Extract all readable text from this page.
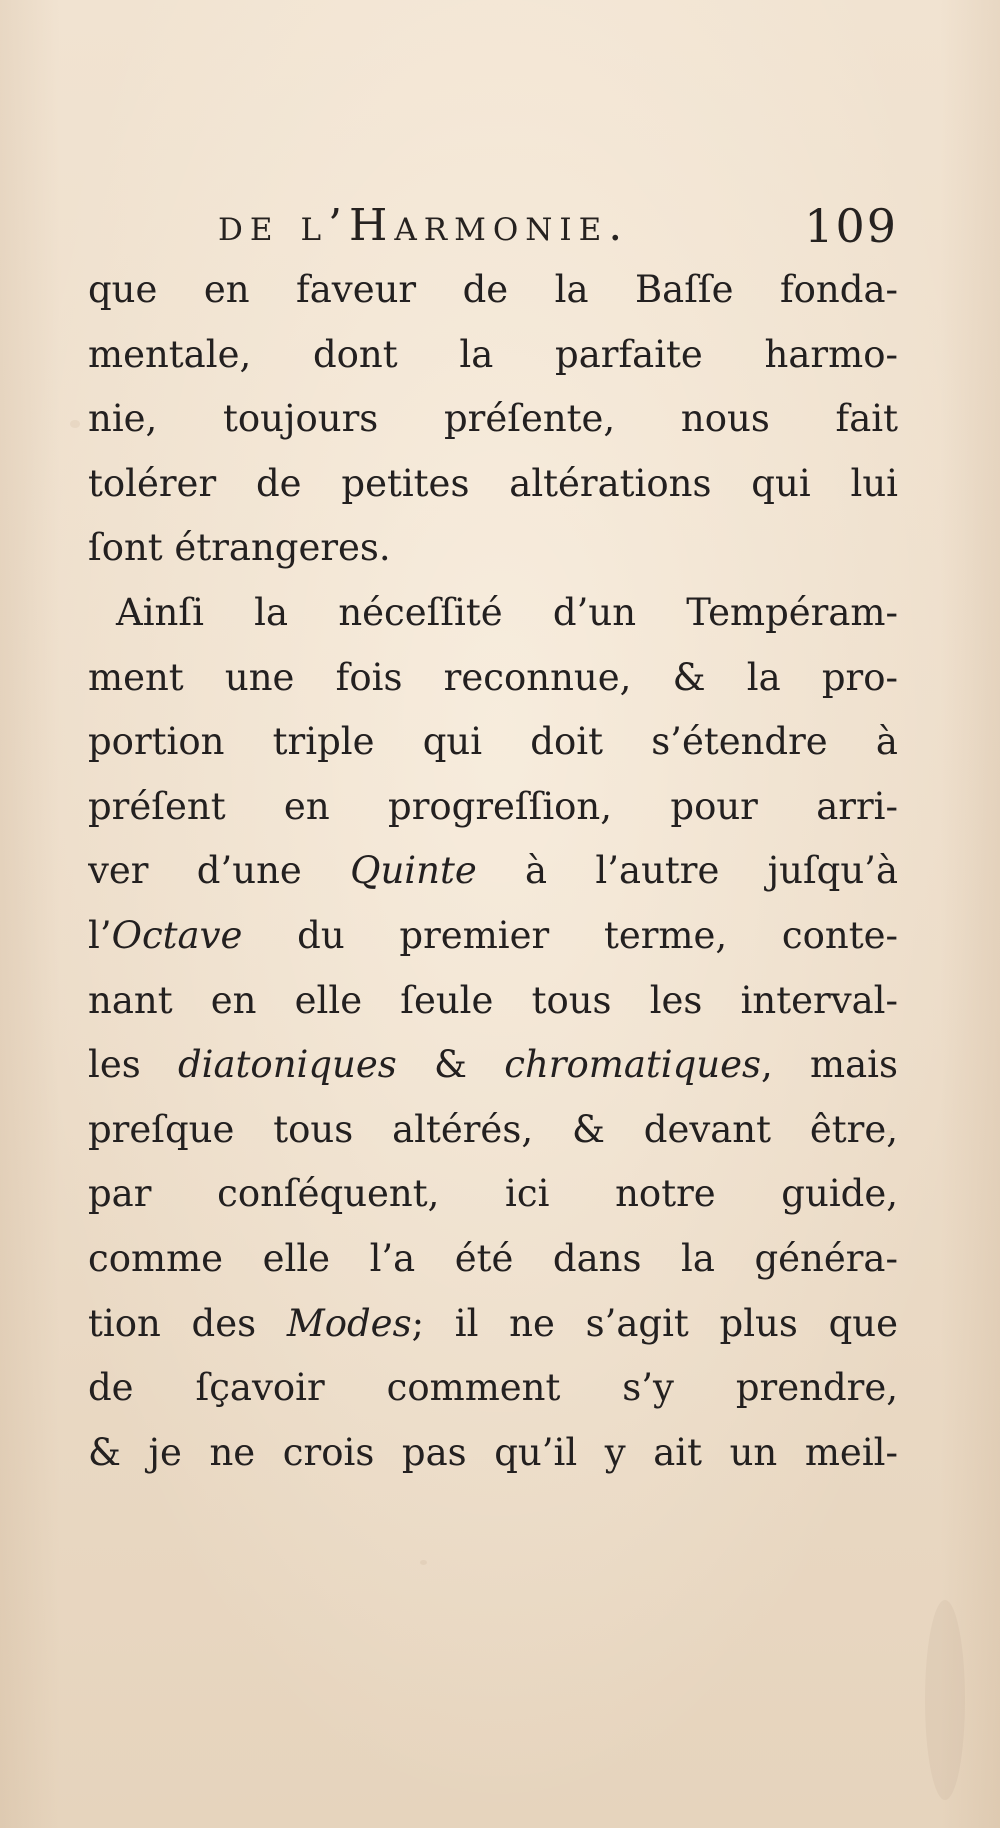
de l’Harmonie.	109
que en faveur de la Baſſe fonda-
mentale, dont la parfaite harmo-
nie, toujours préſente, nous fait
tolérer de petites altérations qui lui
ſont étrangeres.
Ainſi la néceſſité d’un Tempéram-
ment une fois reconnue, & la pro-
portion triple qui doit s’étendre à
préſent en progreſſion, pour arri-
ver d’une Quinte à l’autre juſqu’à
l’Octave du premier terme, conte-
nant en elle ſeule tous les interval-
les diatoniques & chromatiques, mais
preſque tous altérés, & devant être,
par conſéquent, ici notre guide,
comme elle l’a été dans la généra-
tion des Modes; il ne s’agit plus que
de ſçavoir comment s’y prendre,
& je ne crois pas qu’il y ait un meil-
